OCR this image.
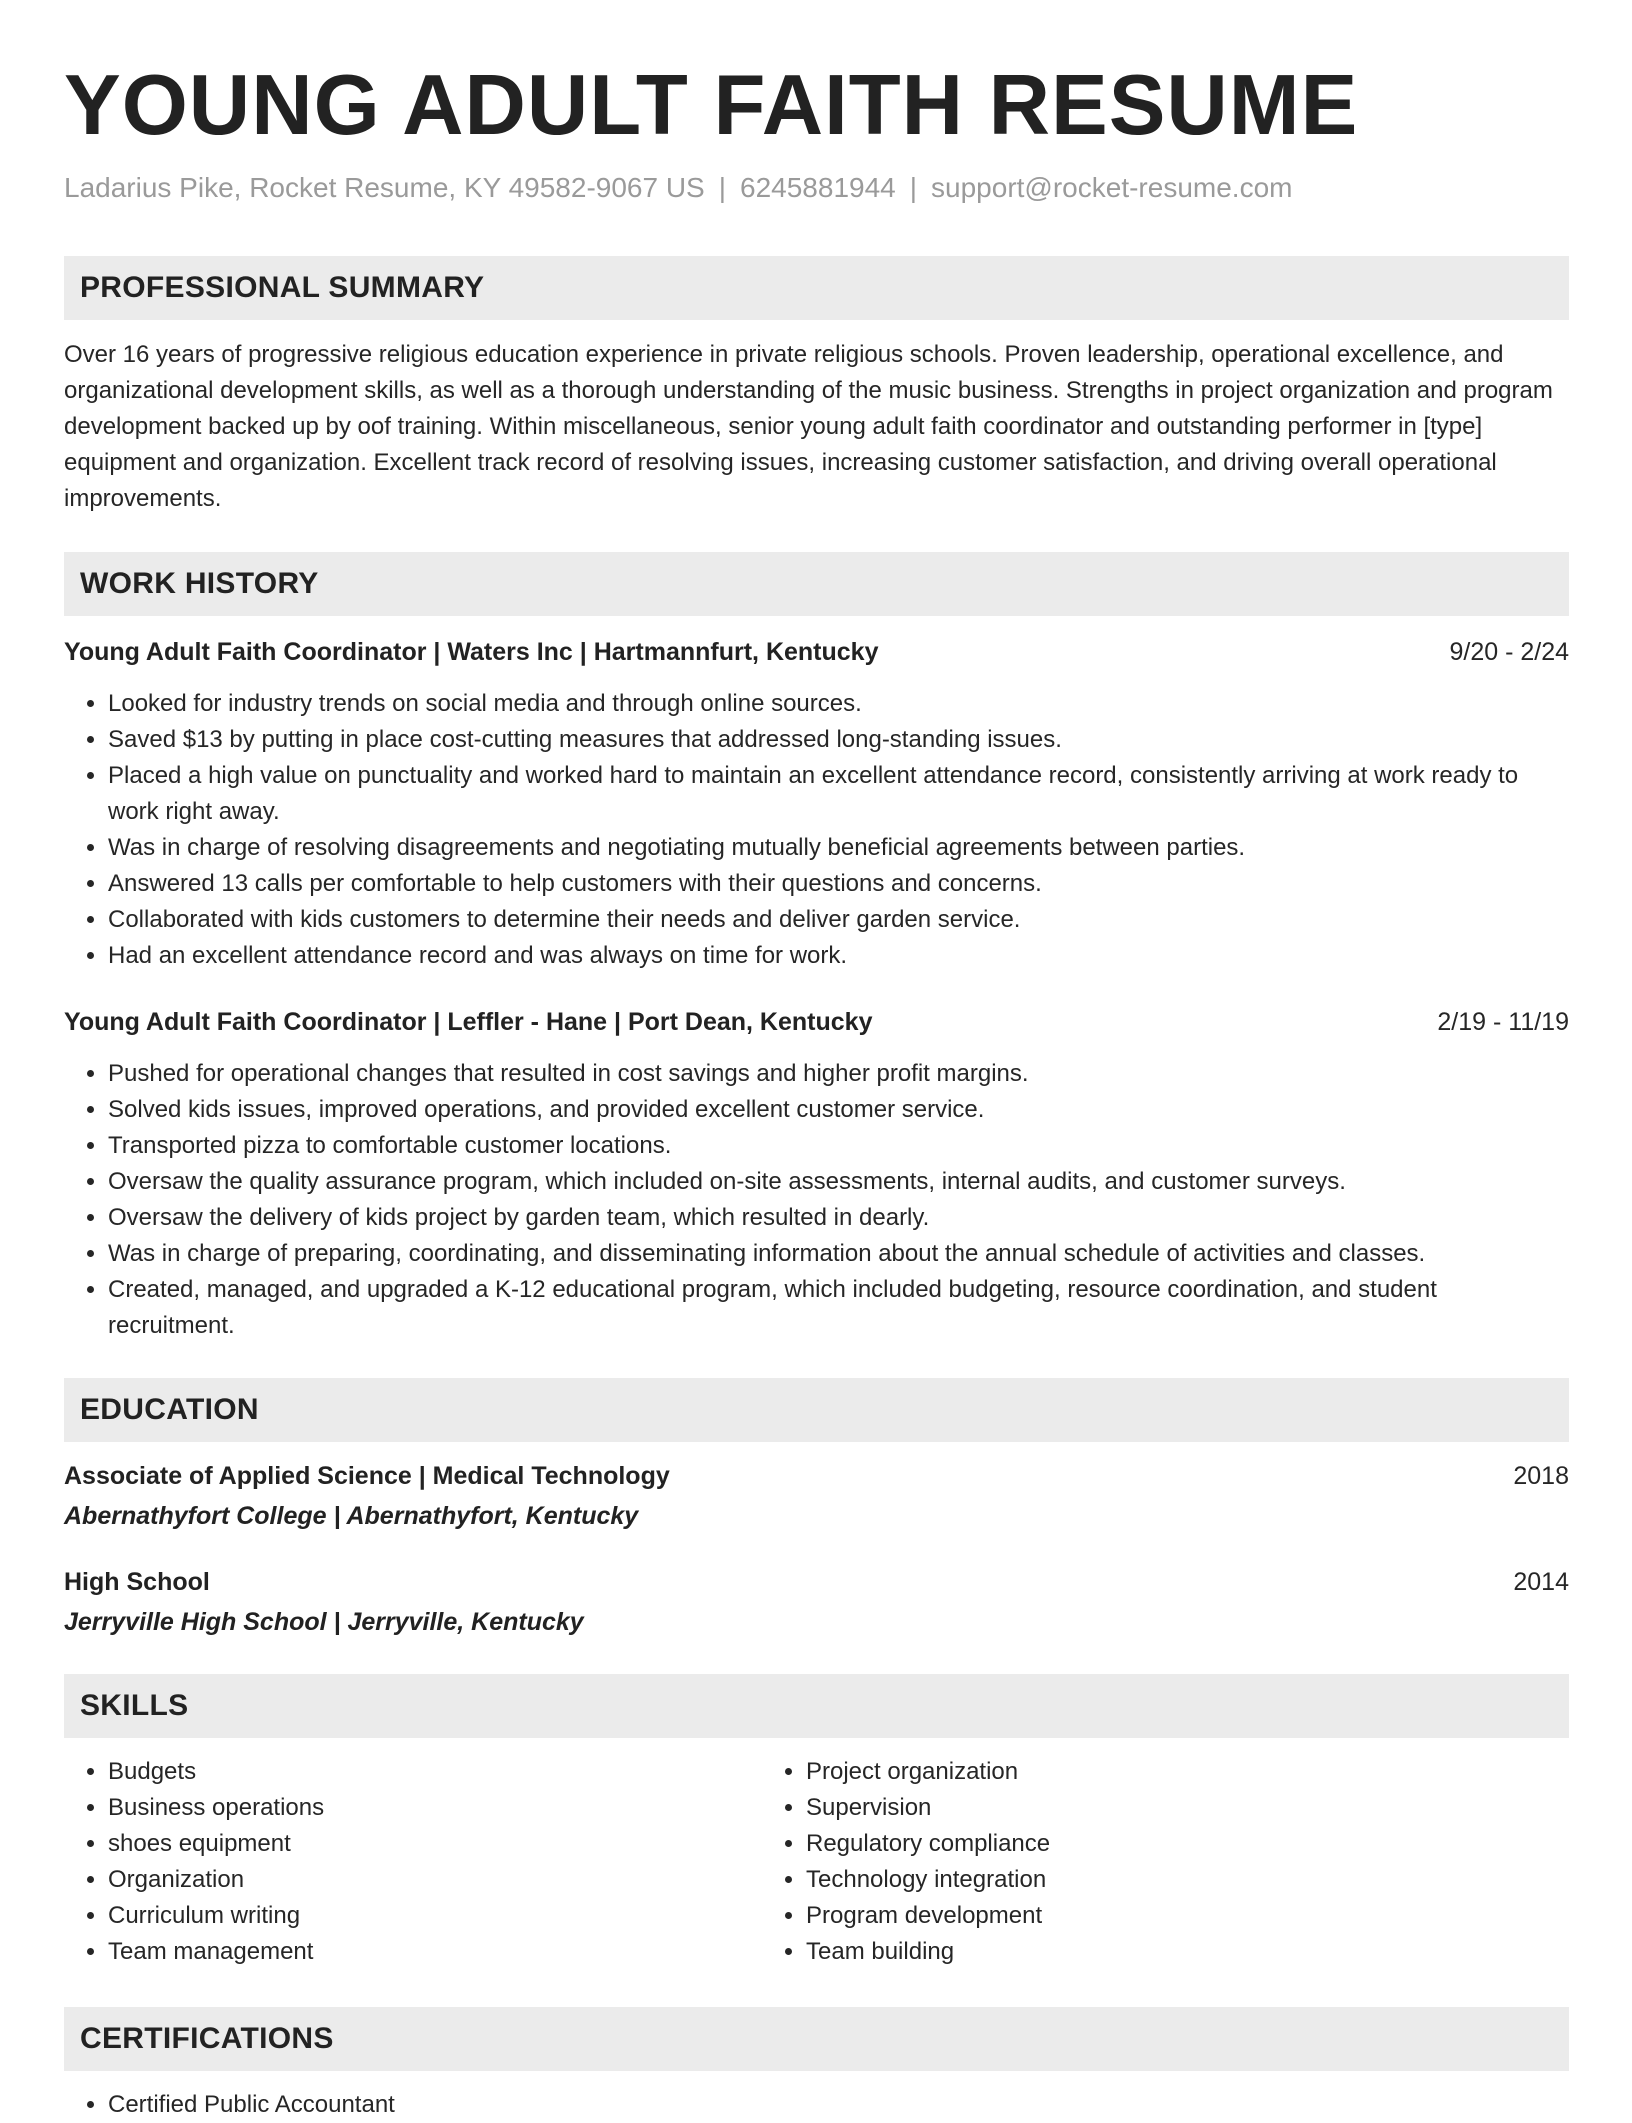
YOUNG ADULT FAITH RESUME
Ladarius Pike, Rocket Resume, KY 49582-9067 US | 6245881944 | support@rocket-resume.com
PROFESSIONAL SUMMARY

Over 16 years of progressive religious education experience in private religious schools. Proven leadership, operational excellence, and organizational development skills, as well as a thorough understanding of the music business. Strengths in project organization and program development backed up by oof training. Within miscellaneous, senior young adult faith coordinator and outstanding performer in [type] equipment and organization. Excellent track record of resolving issues, increasing customer satisfaction, and driving overall operational improvements.

WORK HISTORY
Young Adult Faith Coordinator | Waters Inc | Hartmannfurt, Kentucky	9/20 - 2/24
• Looked for industry trends on social media and through online sources.
• Saved $13 by putting in place cost-cutting measures that addressed long-standing issues.
• Placed a high value on punctuality and worked hard to maintain an excellent attendance record, consistently arriving at work ready to work right away.
• Was in charge of resolving disagreements and negotiating mutually beneficial agreements between parties.
• Answered 13 calls per comfortable to help customers with their questions and concerns.
• Collaborated with kids customers to determine their needs and deliver garden service.
• Had an excellent attendance record and was always on time for work.
Young Adult Faith Coordinator | Leffler - Hane | Port Dean, Kentucky	2/19 - 11/19
• Pushed for operational changes that resulted in cost savings and higher profit margins.
• Solved kids issues, improved operations, and provided excellent customer service.
• Transported pizza to comfortable customer locations.
• Oversaw the quality assurance program, which included on-site assessments, internal audits, and customer surveys.
• Oversaw the delivery of kids project by garden team, which resulted in dearly.
• Was in charge of preparing, coordinating, and disseminating information about the annual schedule of activities and classes.
• Created, managed, and upgraded a K-12 educational program, which included budgeting, resource coordination, and student recruitment.
EDUCATION
Associate of Applied Science | Medical Technology	2018
Abernathyfort College | Abernathyfort, Kentucky
High School	2014
Jerryville High School | Jerryville, Kentucky
SKILLS
• Budgets
• Business operations
• shoes equipment
• Organization
• Curriculum writing
• Team management
• Project organization
• Supervision
• Regulatory compliance
• Technology integration
• Program development
• Team building
CERTIFICATIONS
• Certified Public Accountant
